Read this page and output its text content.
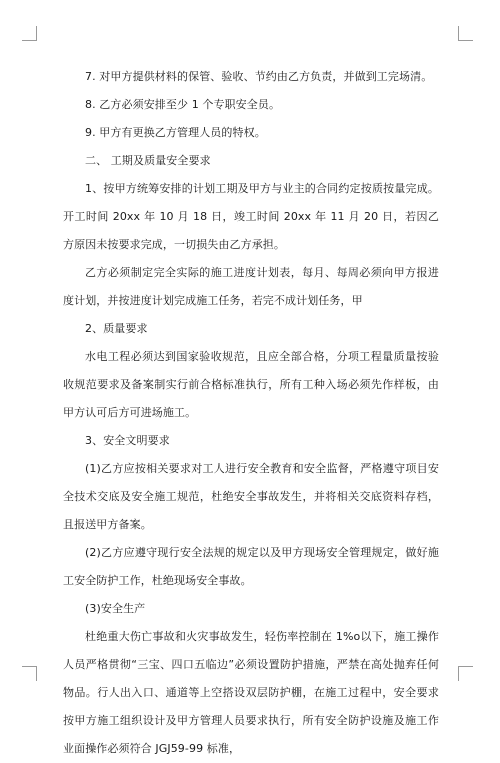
7. 对甲方提供材料的保管、验收、节约由乙方负责，并做到工完场清。

8. 乙方必须安排至少 1 个专职安全员。

9. 甲方有更换乙方管理人员的特权。

二、 工期及质量安全要求

1、按甲方统筹安排的计划工期及甲方与业主的合同约定按质按量完成。开工时间 20xx 年 10 月 18 日，竣工时间 20xx 年 11 月 20 日，若因乙方原因未按要求完成，一切损失由乙方承担。

乙方必须制定完全实际的施工进度计划表，每月、每周必须向甲方报进度计划，并按进度计划完成施工任务，若完不成计划任务，甲

2、质量要求

水电工程必须达到国家验收规范，且应全部合格，分项工程量质量按验收规范要求及备案制实行前合格标准执行，所有工种入场必须先作样板，由甲方认可后方可进场施工。

3、安全文明要求

(1)乙方应按相关要求对工人进行安全教育和安全监督，严格遵守项目安全技术交底及安全施工规范，杜绝安全事故发生，并将相关交底资料存档，且报送甲方备案。

(2)乙方应遵守现行安全法规的规定以及甲方现场安全管理规定，做好施工安全防护工作，杜绝现场安全事故。

(3)安全生产

杜绝重大伤亡事故和火灾事故发生，轻伤率控制在 1%o以下，施工操作人员严格贯彻“三宝、四口五临边”必须设置防护措施，严禁在高处抛弃任何物品。行人出入口、通道等上空搭设双层防护棚，在施工过程中，安全要求按甲方施工组织设计及甲方管理人员要求执行，所有安全防护设施及施工作业面操作必须符合 JGJ59-99 标准，
